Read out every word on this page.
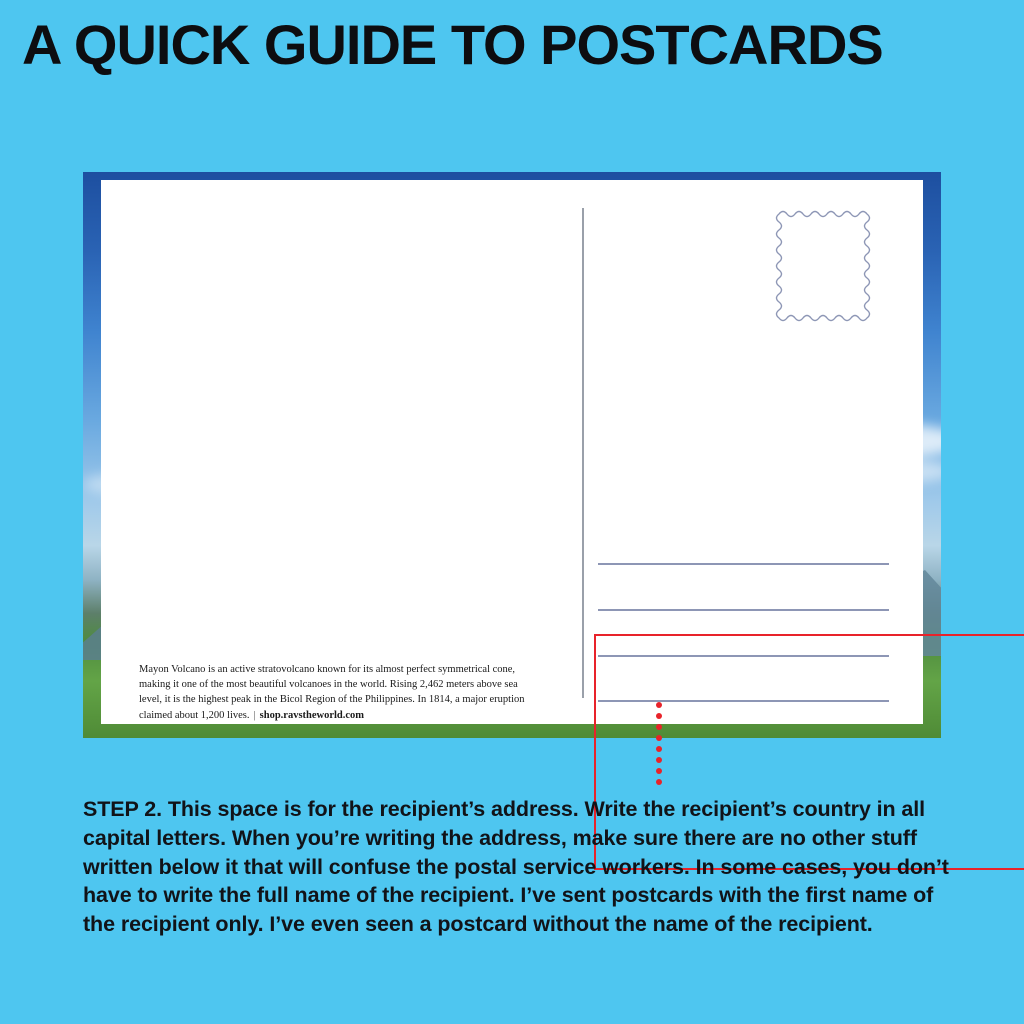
A QUICK GUIDE TO POSTCARDS
Mayon Volcano is an active stratovolcano known for its almost perfect symmetrical cone, making it one of the most beautiful volcanoes in the world. Rising 2,462 meters above sea level, it is the highest peak in the Bicol Region of the Philippines. In 1814, a major eruption claimed about 1,200 lives. | shop.ravstheworld.com
STEP 2. This space is for the recipient’s address. Write the recipient’s country in all capital letters. When you’re writing the address, make sure there are no other stuff written below it that will confuse the postal service workers. In some cases, you don’t have to write the full name of the recipient. I’ve sent postcards with the first name of the recipient only. I’ve even seen a postcard without the name of the recipient.
